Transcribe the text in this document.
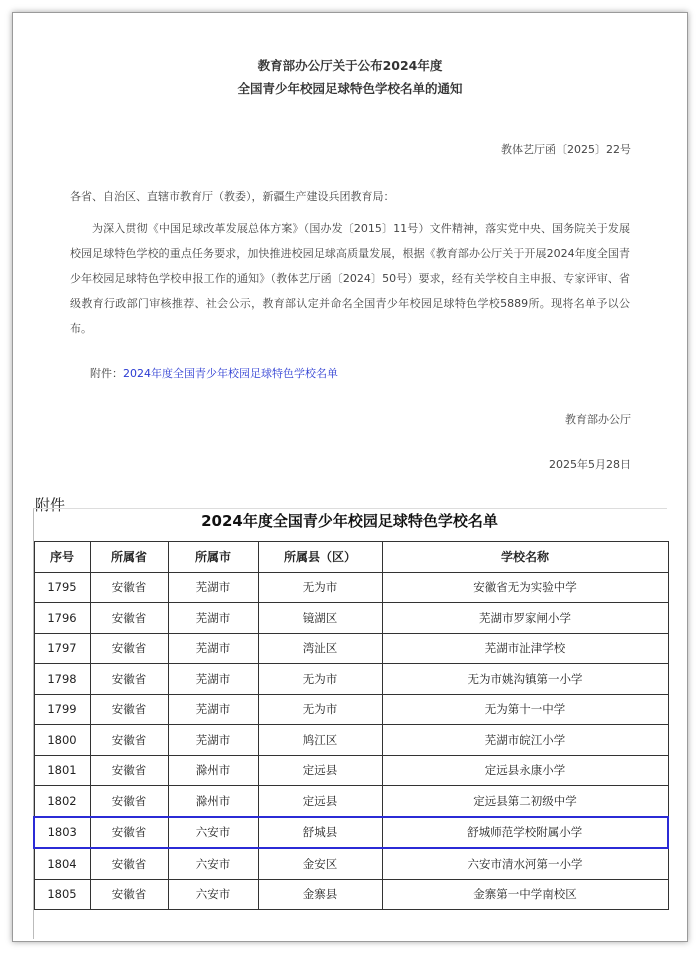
教育部办公厅关于公布2024年度
全国青少年校园足球特色学校名单的通知
教体艺厅函〔2025〕22号
各省、自治区、直辖市教育厅（教委），新疆生产建设兵团教育局：
为深入贯彻《中国足球改革发展总体方案》（国办发〔2015〕11号）文件精神，落实党中央、国务院关于发展校园足球特色学校的重点任务要求，加快推进校园足球高质量发展，根据《教育部办公厅关于开展2024年度全国青少年校园足球特色学校申报工作的通知》（教体艺厅函〔2024〕50号）要求，经有关学校自主申报、专家评审、省级教育行政部门审核推荐、社会公示，教育部认定并命名全国青少年校园足球特色学校5889所。现将名单予以公布。
附件：2024年度全国青少年校园足球特色学校名单
教育部办公厅
2025年5月28日
附件
2024年度全国青少年校园足球特色学校名单
序号	所属省	所属市	所属县（区）	学校名称
1795	安徽省	芜湖市	无为市	安徽省无为实验中学
1796	安徽省	芜湖市	镜湖区	芜湖市罗家闸小学
1797	安徽省	芜湖市	湾沚区	芜湖市沚津学校
1798	安徽省	芜湖市	无为市	无为市姚沟镇第一小学
1799	安徽省	芜湖市	无为市	无为第十一中学
1800	安徽省	芜湖市	鸠江区	芜湖市皖江小学
1801	安徽省	滁州市	定远县	定远县永康小学
1802	安徽省	滁州市	定远县	定远县第二初级中学
1803	安徽省	六安市	舒城县	舒城师范学校附属小学
1804	安徽省	六安市	金安区	六安市清水河第一小学
1805	安徽省	六安市	金寨县	金寨第一中学南校区
